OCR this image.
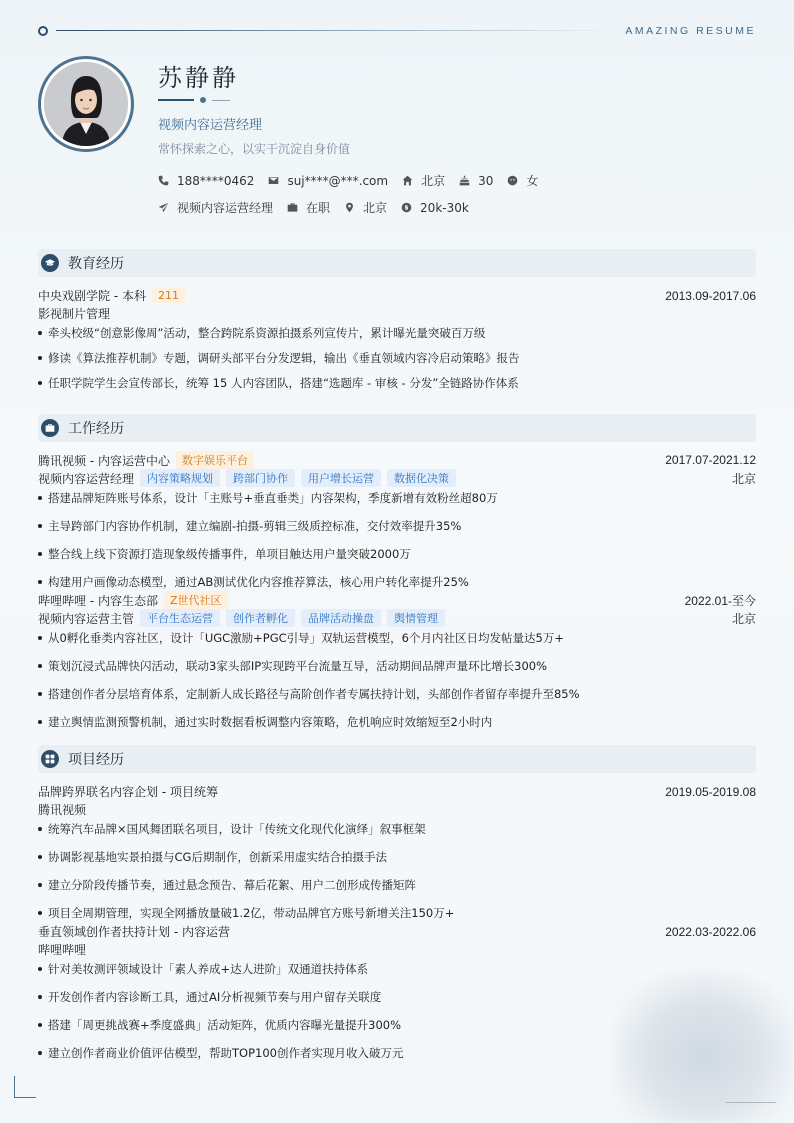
AMAZING RESUME
苏静静
视频内容运营经理
常怀探索之心，以实干沉淀自身价值
188****0462	suj****@***.com	北京	30	女
视频内容运营经理	在职	北京	20k-30k
教育经历
中央戏剧学院 - 本科	211	2013.09-2017.06
影视制片管理
牵头校级“创意影像周”活动，整合跨院系资源拍摄系列宣传片，累计曝光量突破百万级
修读《算法推荐机制》专题，调研头部平台分发逻辑，输出《垂直领域内容冷启动策略》报告
任职学院学生会宣传部长，统筹 15 人内容团队，搭建“选题库 - 审核 - 分发”全链路协作体系
工作经历
腾讯视频 - 内容运营中心	数字娱乐平台	2017.07-2021.12
视频内容运营经理	内容策略规划	跨部门协作	用户增长运营	数据化决策	北京
搭建品牌矩阵账号体系，设计「主账号+垂直垂类」内容架构，季度新增有效粉丝超80万
主导跨部门内容协作机制，建立编剧-拍摄-剪辑三级质控标准，交付效率提升35%
整合线上线下资源打造现象级传播事件，单项目触达用户量突破2000万
构建用户画像动态模型，通过AB测试优化内容推荐算法，核心用户转化率提升25%
哔哩哔哩 - 内容生态部	Z世代社区	2022.01-至今
视频内容运营主管	平台生态运营	创作者孵化	品牌活动操盘	舆情管理	北京
从0孵化垂类内容社区，设计「UGC激励+PGC引导」双轨运营模型，6个月内社区日均发帖量达5万+
策划沉浸式品牌快闪活动，联动3家头部IP实现跨平台流量互导，活动期间品牌声量环比增长300%
搭建创作者分层培育体系，定制新人成长路径与高阶创作者专属扶持计划，头部创作者留存率提升至85%
建立舆情监测预警机制，通过实时数据看板调整内容策略，危机响应时效缩短至2小时内
项目经历
品牌跨界联名内容企划 - 项目统筹	2019.05-2019.08
腾讯视频
统筹汽车品牌×国风舞团联名项目，设计「传统文化现代化演绎」叙事框架
协调影视基地实景拍摄与CG后期制作，创新采用虚实结合拍摄手法
建立分阶段传播节奏，通过悬念预告、幕后花絮、用户二创形成传播矩阵
项目全周期管理，实现全网播放量破1.2亿，带动品牌官方账号新增关注150万+
垂直领域创作者扶持计划 - 内容运营	2022.03-2022.06
哔哩哔哩
针对美妆测评领域设计「素人养成+达人进阶」双通道扶持体系
开发创作者内容诊断工具，通过AI分析视频节奏与用户留存关联度
搭建「周更挑战赛+季度盛典」活动矩阵，优质内容曝光量提升300%
建立创作者商业价值评估模型，帮助TOP100创作者实现月收入破万元
